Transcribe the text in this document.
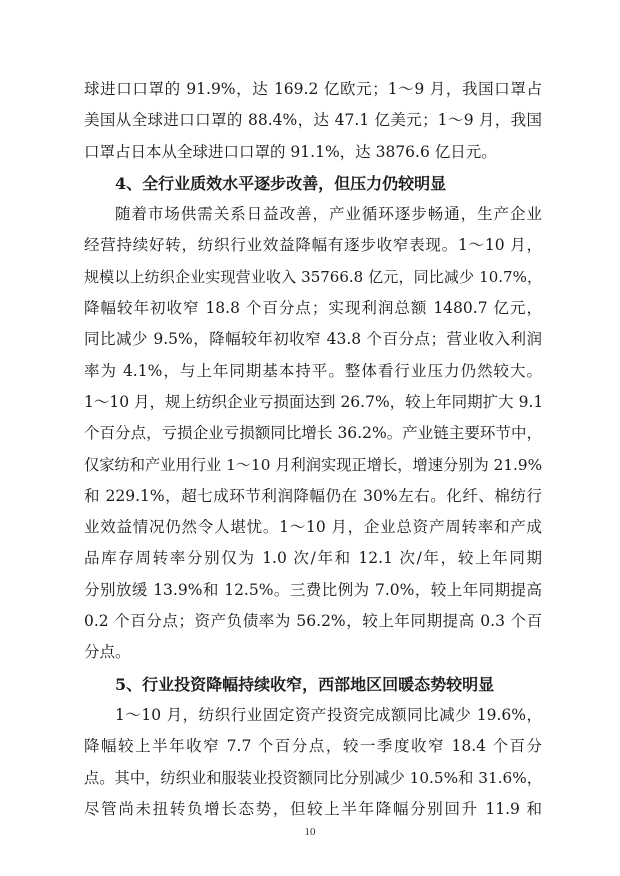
球进口口罩的 91.9%，达 169.2 亿欧元；1～9 月，我国口罩占
美国从全球进口口罩的 88.4%，达 47.1 亿美元；1～9 月，我国
口罩占日本从全球进口口罩的 91.1%，达 3876.6 亿日元。
4、全行业质效水平逐步改善，但压力仍较明显
随着市场供需关系日益改善，产业循环逐步畅通，生产企业
经营持续好转，纺织行业效益降幅有逐步收窄表现。1～10 月，
规模以上纺织企业实现营业收入 35766.8 亿元，同比减少 10.7%，
降幅较年初收窄 18.8 个百分点；实现利润总额 1480.7 亿元，
同比减少 9.5%，降幅较年初收窄 43.8 个百分点；营业收入利润
率为 4.1%，与上年同期基本持平。整体看行业压力仍然较大。
1～10 月，规上纺织企业亏损面达到 26.7%，较上年同期扩大 9.1
个百分点，亏损企业亏损额同比增长 36.2%。产业链主要环节中，
仅家纺和产业用行业 1～10 月利润实现正增长，增速分别为 21.9%
和 229.1%，超七成环节利润降幅仍在 30%左右。化纤、棉纺行
业效益情况仍然令人堪忧。1～10 月，企业总资产周转率和产成
品库存周转率分别仅为 1.0 次/年和 12.1 次/年，较上年同期
分别放缓 13.9%和 12.5%。三费比例为 7.0%，较上年同期提高
0.2 个百分点；资产负债率为 56.2%，较上年同期提高 0.3 个百
分点。
5、行业投资降幅持续收窄，西部地区回暖态势较明显
1～10 月，纺织行业固定资产投资完成额同比减少 19.6%，
降幅较上半年收窄 7.7 个百分点，较一季度收窄 18.4 个百分
点。其中，纺织业和服装业投资额同比分别减少 10.5%和 31.6%，
尽管尚未扭转负增长态势，但较上半年降幅分别回升 11.9 和
10
